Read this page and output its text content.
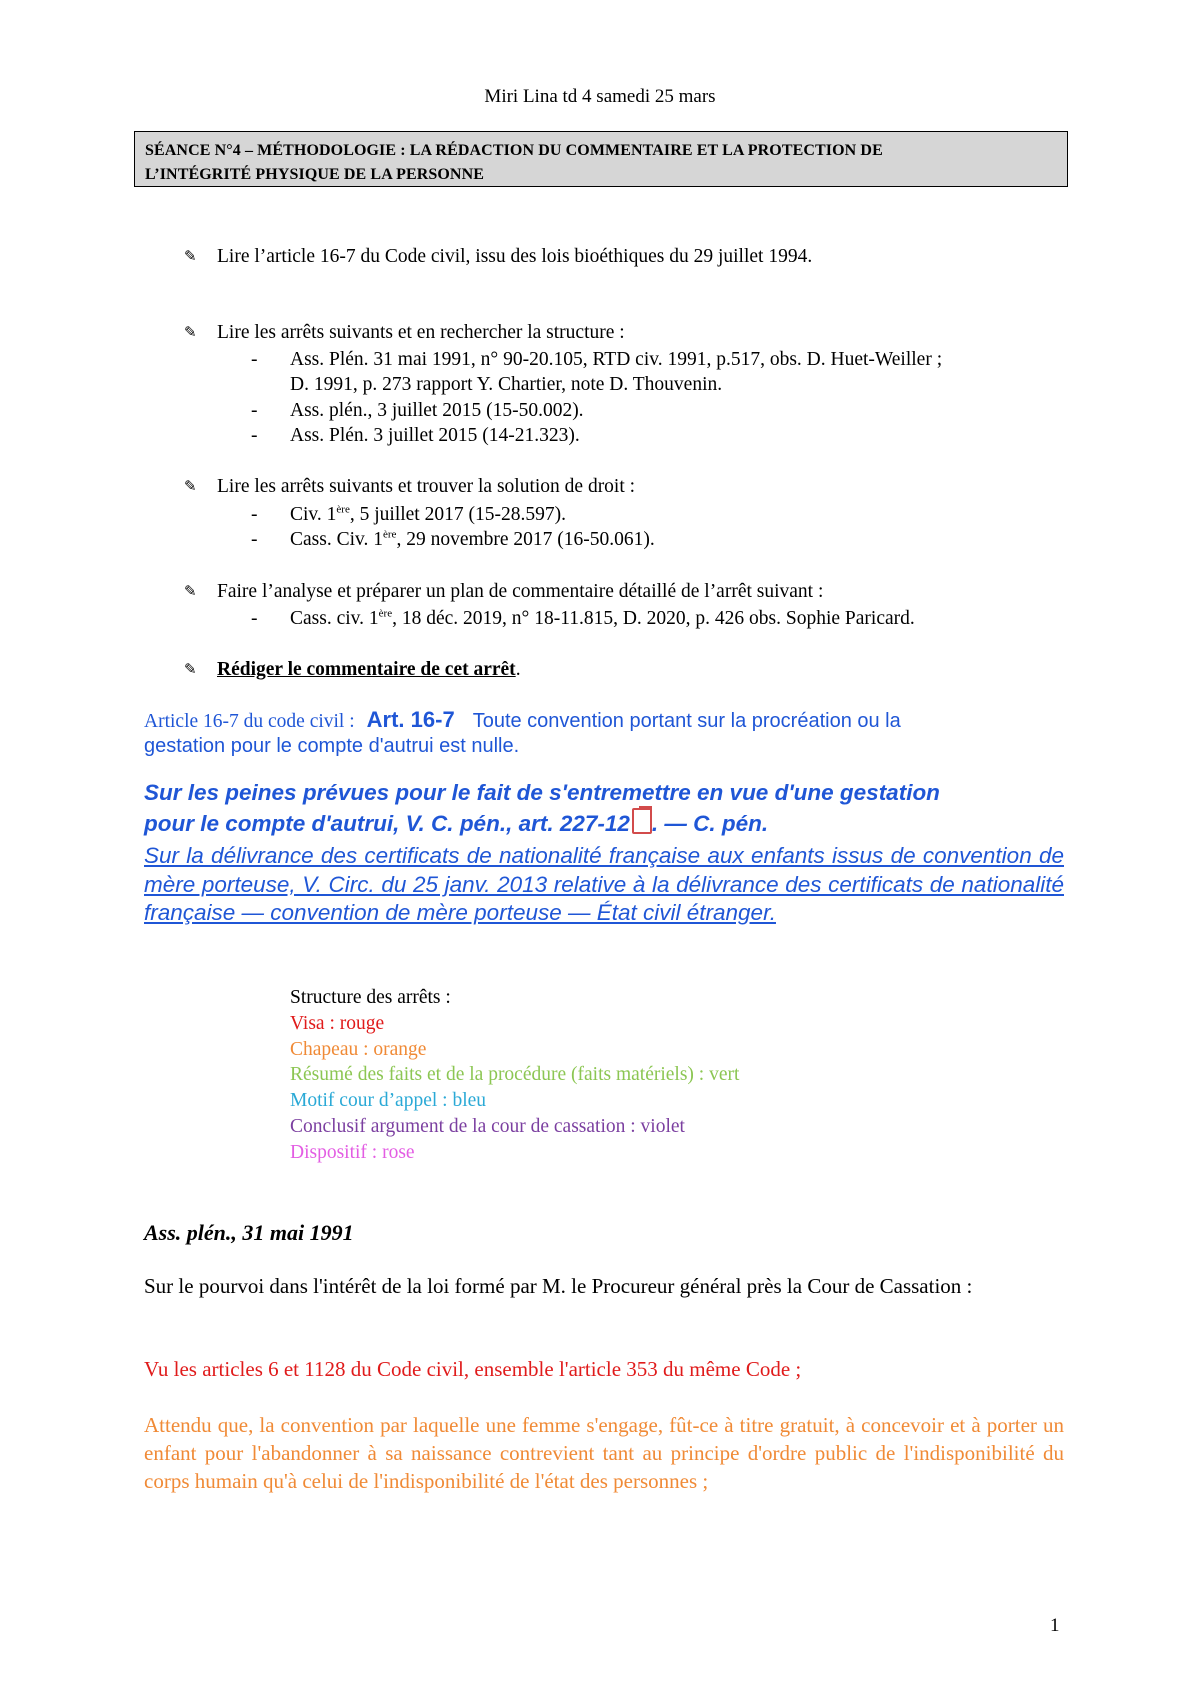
Miri Lina td 4 samedi 25 mars
SÉANCE N°4 – MÉTHODOLOGIE : LA RÉDACTION DU COMMENTAIRE ET LA PROTECTION DE
L’INTÉGRITÉ PHYSIQUE DE LA PERSONNE
✎	Lire l’article 16-7 du Code civil, issu des lois bioéthiques du 29 juillet 1994.
✎	Lire les arrêts suivants et en rechercher la structure :
- Ass. Plén. 31 mai 1991, n° 90-20.105, RTD civ. 1991, p.517, obs. D. Huet-Weiller ;
D. 1991, p. 273 rapport Y. Chartier, note D. Thouvenin.
- Ass. plén., 3 juillet 2015 (15-50.002).
- Ass. Plén. 3 juillet 2015 (14-21.323).
✎	Lire les arrêts suivants et trouver la solution de droit :
- Civ. 1ère, 5 juillet 2017 (15-28.597).
- Cass. Civ. 1ère, 29 novembre 2017 (16-50.061).
✎	Faire l’analyse et préparer un plan de commentaire détaillé de l’arrêt suivant :
- Cass. civ. 1ère, 18 déc. 2019, n° 18-11.815, D. 2020, p. 426 obs. Sophie Paricard.
✎	Rédiger le commentaire de cet arrêt.
Article 16-7 du code civil : Art. 16-7 Toute convention portant sur la procréation ou la
gestation pour le compte d'autrui est nulle.
Sur les peines prévues pour le fait de s'entremettre en vue d'une gestation
pour le compte d'autrui, V. C. pén., art. 227-12 . — C. pén.
Sur la délivrance des certificats de nationalité française aux enfants issus de convention de mère porteuse, V. Circ. du 25 janv. 2013 relative à la délivrance des certificats de nationalité française — convention de mère porteuse — État civil étranger.
Structure des arrêts :
Visa : rouge
Chapeau : orange
Résumé des faits et de la procédure (faits matériels) : vert
Motif cour d’appel : bleu
Conclusif argument de la cour de cassation : violet
Dispositif : rose
Ass. plén., 31 mai 1991
Sur le pourvoi dans l'intérêt de la loi formé par M. le Procureur général près la Cour de Cassation :
Vu les articles 6 et 1128 du Code civil, ensemble l'article 353 du même Code ;
Attendu que, la convention par laquelle une femme s'engage, fût-ce à titre gratuit, à concevoir et à porter un enfant pour l'abandonner à sa naissance contrevient tant au principe d'ordre public de l'indisponibilité du corps humain qu'à celui de l'indisponibilité de l'état des personnes ;
1
